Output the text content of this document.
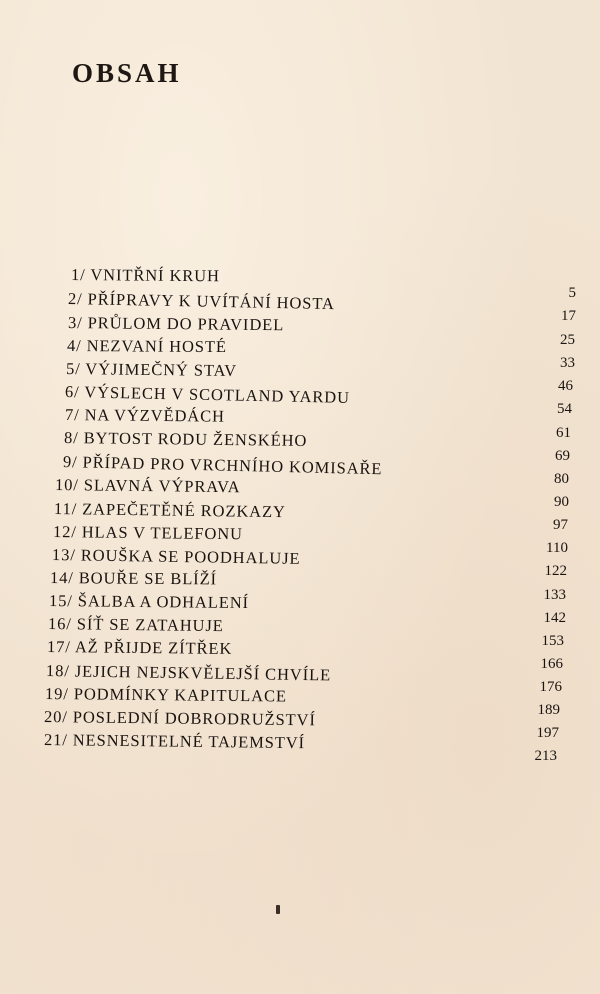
OBSAH
1/ VNITŘNÍ KRUH
5
2/ PŘÍPRAVY K UVÍTÁNÍ HOSTA
17
3/ PRŮLOM DO PRAVIDEL
25
4/ NEZVANÍ HOSTÉ
33
5/ VÝJIMEČNÝ STAV
46
6/ VÝSLECH V SCOTLAND YARDU
54
7/ NA VÝZVĚDÁCH
61
8/ BYTOST RODU ŽENSKÉHO
69
9/ PŘÍPAD PRO VRCHNÍHO KOMISAŘE
80
10/ SLAVNÁ VÝPRAVA
90
11/ ZAPEČETĚNÉ ROZKAZY
97
12/ HLAS V TELEFONU
110
13/ ROUŠKA SE POODHALUJE
122
14/ BOUŘE SE BLÍŽÍ
133
15/ ŠALBA A ODHALENÍ
142
16/ SÍŤ SE ZATAHUJE
153
17/ AŽ PŘIJDE ZÍTŘEK
166
18/ JEJICH NEJSKVĚLEJŠÍ CHVÍLE
176
19/ PODMÍNKY KAPITULACE
189
20/ POSLEDNÍ DOBRODRUŽSTVÍ
197
21/ NESNESITELNÉ TAJEMSTVÍ
213
